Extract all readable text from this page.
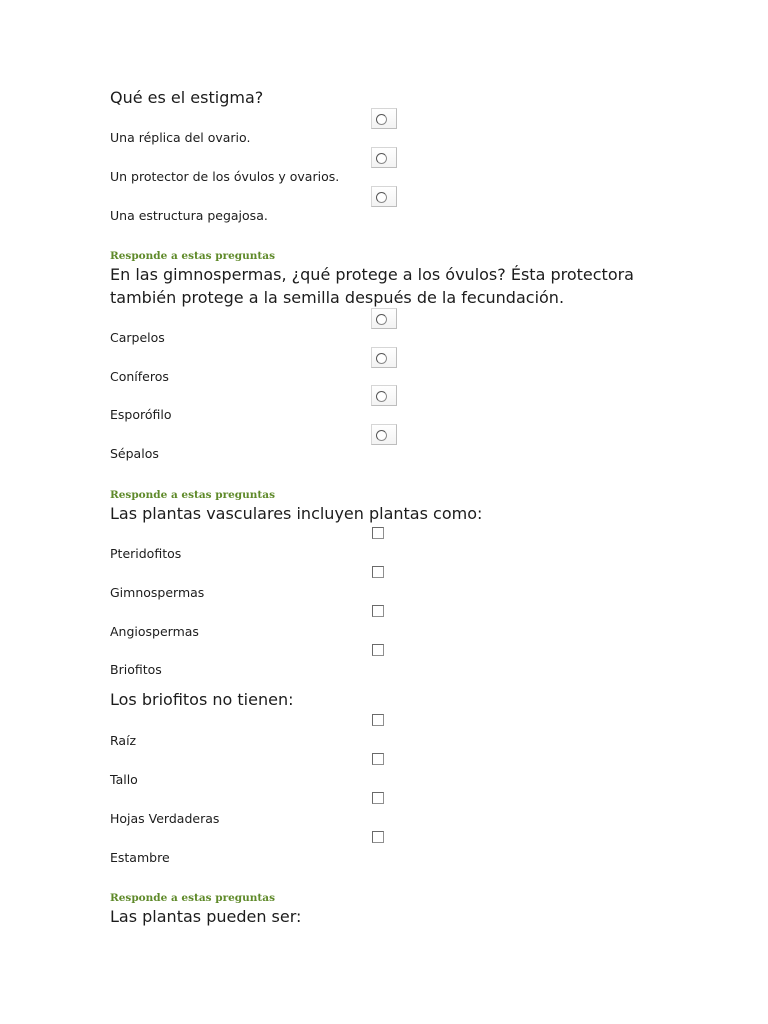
Qué es el estigma?
Una réplica del ovario.
Un protector de los óvulos y ovarios.
Una estructura pegajosa.
Responde a estas preguntas
En las gimnospermas, ¿qué protege a los óvulos? Ésta protectora
también protege a la semilla después de la fecundación.
Carpelos
Coníferos
Esporófilo
Sépalos
Responde a estas preguntas
Las plantas vasculares incluyen plantas como:
Pteridofitos
Gimnospermas
Angiospermas
Briofitos
Los briofitos no tienen:
Raíz
Tallo
Hojas Verdaderas
Estambre
Responde a estas preguntas
Las plantas pueden ser:
